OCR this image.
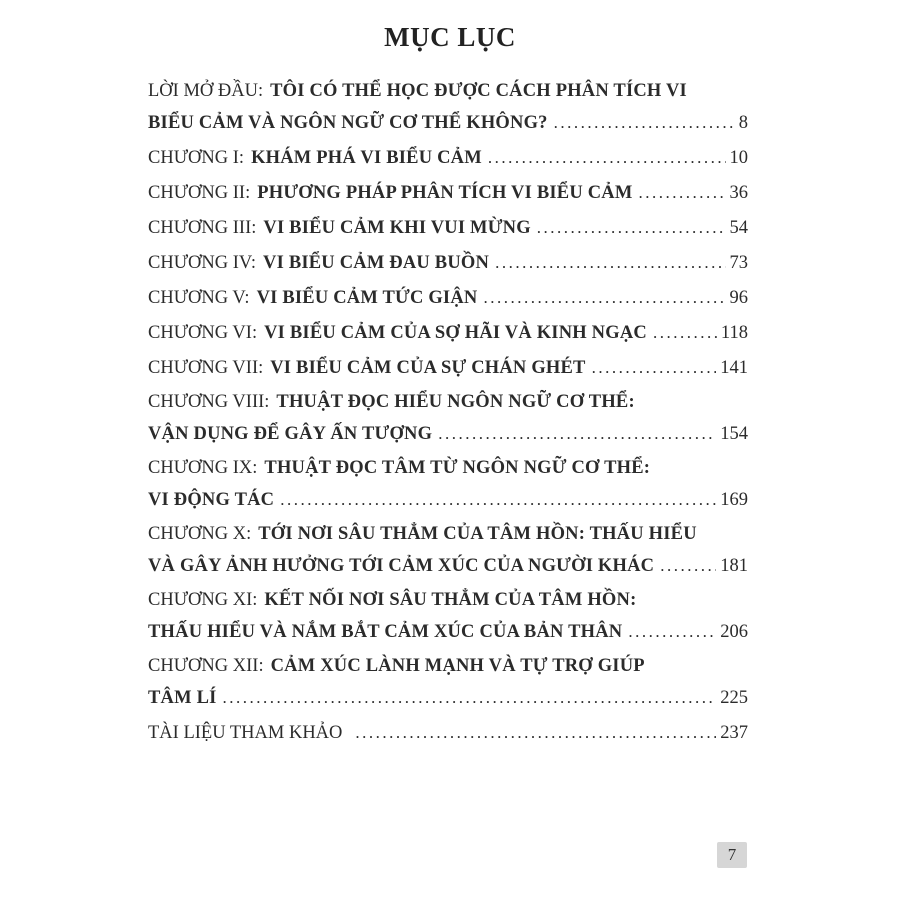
MỤC LỤC
LỜI MỞ ĐẦU: TÔI CÓ THỂ HỌC ĐƯỢC CÁCH PHÂN TÍCH VI
BIỂU CẢM VÀ NGÔN NGỮ CƠ THỂ KHÔNG? .....	8
CHƯƠNG I: KHÁM PHÁ VI BIỂU CẢM .....	10
CHƯƠNG II: PHƯƠNG PHÁP PHÂN TÍCH VI BIỂU CẢM .....	36
CHƯƠNG III: VI BIỂU CẢM KHI VUI MỪNG .....	54
CHƯƠNG IV: VI BIỂU CẢM ĐAU BUỒN .....	73
CHƯƠNG V: VI BIỂU CẢM TỨC GIẬN .....	96
CHƯƠNG VI: VI BIỂU CẢM CỦA SỢ HÃI VÀ KINH NGẠC .....	118
CHƯƠNG VII: VI BIỂU CẢM CỦA SỰ CHÁN GHÉT .....	141
CHƯƠNG VIII: THUẬT ĐỌC HIỂU NGÔN NGỮ CƠ THỂ:
VẬN DỤNG ĐỂ GÂY ẤN TƯỢNG .....	154
CHƯƠNG IX: THUẬT ĐỌC TÂM TỪ NGÔN NGỮ CƠ THỂ:
VI ĐỘNG TÁC .....	169
CHƯƠNG X: TỚI NƠI SÂU THẲM CỦA TÂM HỒN: THẤU HIỂU
VÀ GÂY ẢNH HƯỞNG TỚI CẢM XÚC CỦA NGƯỜI KHÁC .....	181
CHƯƠNG XI: KẾT NỐI NƠI SÂU THẲM CỦA TÂM HỒN:
THẤU HIỂU VÀ NẮM BẮT CẢM XÚC CỦA BẢN THÂN .....	206
CHƯƠNG XII: CẢM XÚC LÀNH MẠNH VÀ TỰ TRỢ GIÚP
TÂM LÍ .....	225
TÀI LIỆU THAM KHẢO .....	237
7
